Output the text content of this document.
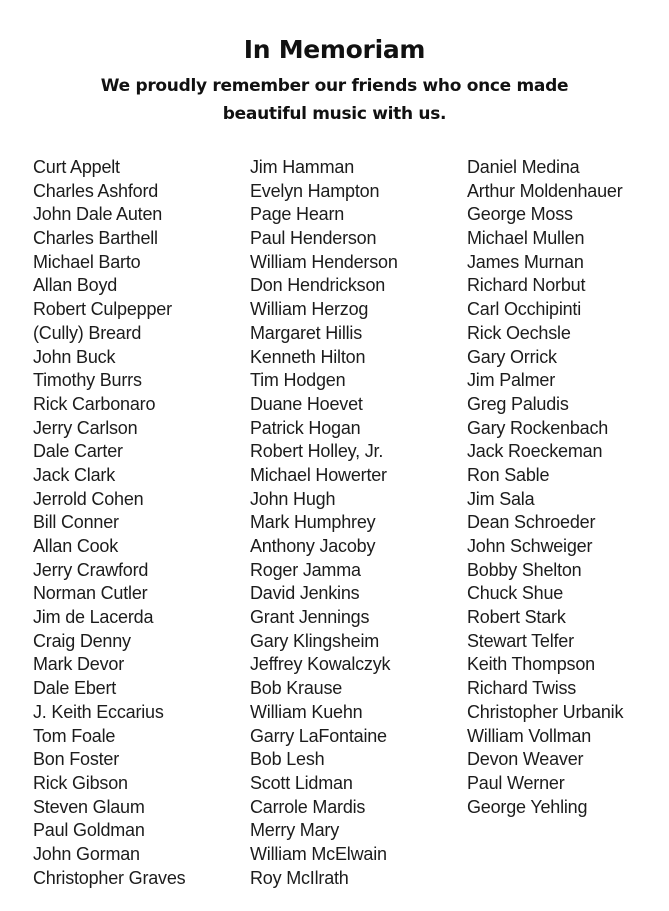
In Memoriam

We proudly remember our friends who once made beautiful music with us.

Curt Appelt
Charles Ashford
John Dale Auten
Charles Barthell
Michael Barto
Allan Boyd
Robert Culpepper
(Cully) Breard
John Buck
Timothy Burrs
Rick Carbonaro
Jerry Carlson
Dale Carter
Jack Clark
Jerrold Cohen
Bill Conner
Allan Cook
Jerry Crawford
Norman Cutler
Jim de Lacerda
Craig Denny
Mark Devor
Dale Ebert
J. Keith Eccarius
Tom Foale
Bon Foster
Rick Gibson
Steven Glaum
Paul Goldman
John Gorman
Christopher Graves
Jim Hamman
Evelyn Hampton
Page Hearn
Paul Henderson
William Henderson
Don Hendrickson
William Herzog
Margaret Hillis
Kenneth Hilton
Tim Hodgen
Duane Hoevet
Patrick Hogan
Robert Holley, Jr.
Michael Howerter
John Hugh
Mark Humphrey
Anthony Jacoby
Roger Jamma
David Jenkins
Grant Jennings
Gary Klingsheim
Jeffrey Kowalczyk
Bob Krause
William Kuehn
Garry LaFontaine
Bob Lesh
Scott Lidman
Carrole Mardis
Merry Mary
William McElwain
Roy McIlrath
Daniel Medina
Arthur Moldenhauer
George Moss
Michael Mullen
James Murnan
Richard Norbut
Carl Occhipinti
Rick Oechsle
Gary Orrick
Jim Palmer
Greg Paludis
Gary Rockenbach
Jack Roeckeman
Ron Sable
Jim Sala
Dean Schroeder
John Schweiger
Bobby Shelton
Chuck Shue
Robert Stark
Stewart Telfer
Keith Thompson
Richard Twiss
Christopher Urbanik
William Vollman
Devon Weaver
Paul Werner
George Yehling
